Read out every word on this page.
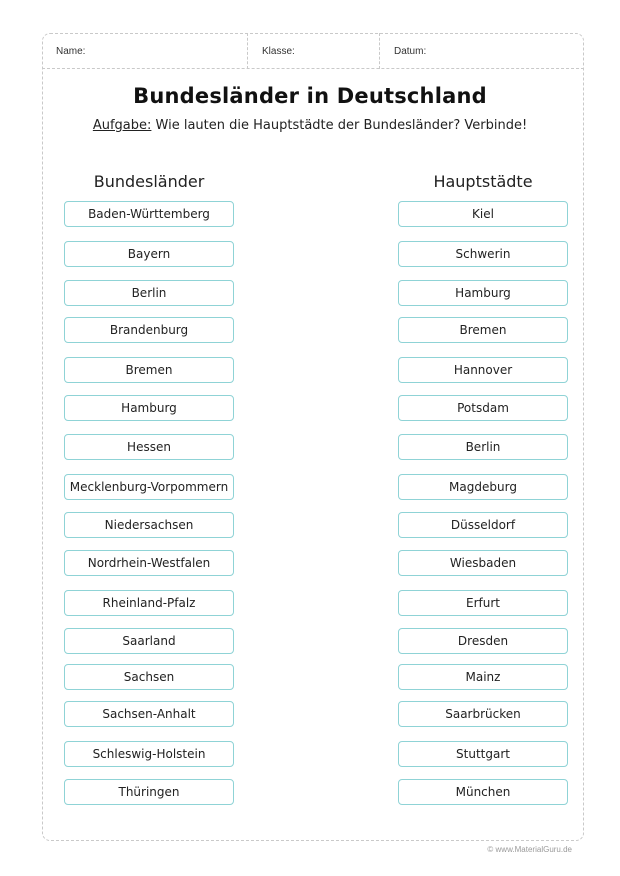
Name:	Klasse:	Datum:
Bundesländer in Deutschland
Aufgabe: Wie lauten die Hauptstädte der Bundesländer? Verbinde!
Bundesländer	Hauptstädte
Baden-Württemberg
Bayern
Berlin
Brandenburg
Bremen
Hamburg
Hessen
Mecklenburg-Vorpommern
Niedersachsen
Nordrhein-Westfalen
Rheinland-Pfalz
Saarland
Sachsen
Sachsen-Anhalt
Schleswig-Holstein
Thüringen
Kiel
Schwerin
Hamburg
Bremen
Hannover
Potsdam
Berlin
Magdeburg
Düsseldorf
Wiesbaden
Erfurt
Dresden
Mainz
Saarbrücken
Stuttgart
München
© www.MaterialGuru.de
